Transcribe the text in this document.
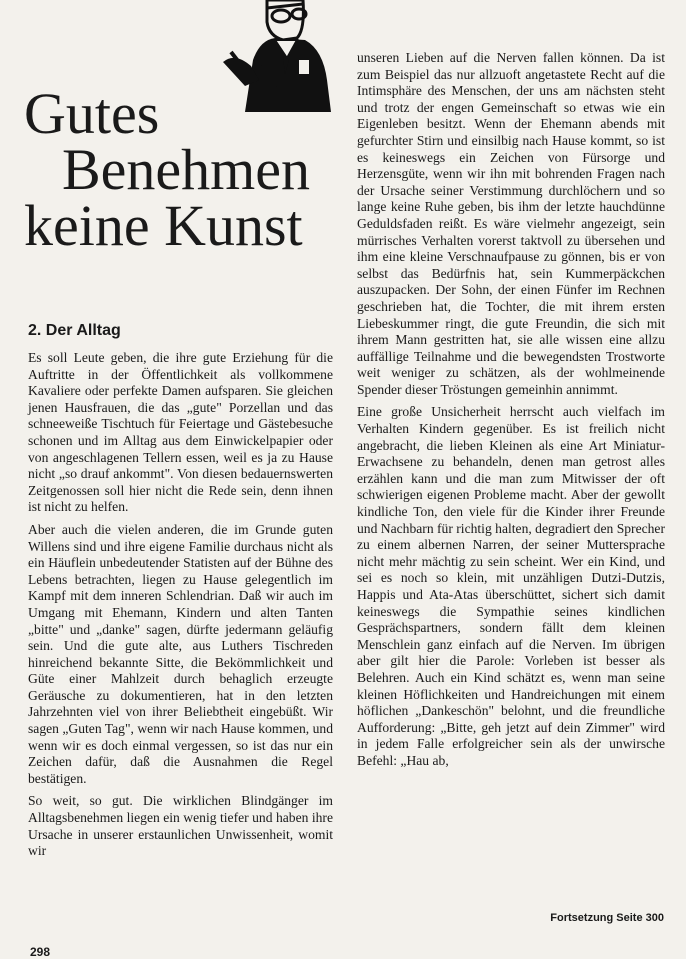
Gutes
Benehmen
keine Kunst
2. Der Alltag

Es soll Leute geben, die ihre gute Erziehung für die Auftritte in der Öffentlichkeit als vollkommene Kavaliere oder perfekte Damen aufsparen. Sie gleichen jenen Hausfrauen, die das „gute" Porzellan und das schneeweiße Tischtuch für Feiertage und Gästebesuche schonen und im Alltag aus dem Einwickelpapier oder von angeschlagenen Tellern essen, weil es ja zu Hause nicht „so drauf ankommt". Von diesen bedauernswerten Zeitgenossen soll hier nicht die Rede sein, denn ihnen ist nicht zu helfen.

Aber auch die vielen anderen, die im Grunde guten Willens sind und ihre eigene Familie durchaus nicht als ein Häuflein unbedeutender Statisten auf der Bühne des Lebens betrachten, liegen zu Hause gelegentlich im Kampf mit dem inneren Schlendrian. Daß wir auch im Umgang mit Ehemann, Kindern und alten Tanten „bitte" und „danke" sagen, dürfte jedermann geläufig sein. Und die gute alte, aus Luthers Tischreden hinreichend bekannte Sitte, die Bekömmlichkeit und Güte einer Mahlzeit durch behaglich erzeugte Geräusche zu dokumentieren, hat in den letzten Jahrzehnten viel von ihrer Beliebtheit eingebüßt. Wir sagen „Guten Tag", wenn wir nach Hause kommen, und wenn wir es doch einmal vergessen, so ist das nur ein Zeichen dafür, daß die Ausnahmen die Regel bestätigen.

So weit, so gut. Die wirklichen Blindgänger im Alltagsbenehmen liegen ein wenig tiefer und haben ihre Ursache in unserer erstaunlichen Unwissenheit, womit wir

unseren Lieben auf die Nerven fallen können. Da ist zum Beispiel das nur allzuoft angetastete Recht auf die Intimsphäre des Menschen, der uns am nächsten steht und trotz der engen Gemeinschaft so etwas wie ein Eigenleben besitzt. Wenn der Ehemann abends mit gefurchter Stirn und einsilbig nach Hause kommt, so ist es keineswegs ein Zeichen von Fürsorge und Herzensgüte, wenn wir ihn mit bohrenden Fragen nach der Ursache seiner Verstimmung durchlöchern und so lange keine Ruhe geben, bis ihm der letzte hauchdünne Geduldsfaden reißt. Es wäre vielmehr angezeigt, sein mürrisches Verhalten vorerst taktvoll zu übersehen und ihm eine kleine Verschnaufpause zu gönnen, bis er von selbst das Bedürfnis hat, sein Kummerpäckchen auszupacken. Der Sohn, der einen Fünfer im Rechnen geschrieben hat, die Tochter, die mit ihrem ersten Liebeskummer ringt, die gute Freundin, die sich mit ihrem Mann gestritten hat, sie alle wissen eine allzu auffällige Teilnahme und die bewegendsten Trostworte weit weniger zu schätzen, als der wohlmeinende Spender dieser Tröstungen gemeinhin annimmt.

Eine große Unsicherheit herrscht auch vielfach im Verhalten Kindern gegenüber. Es ist freilich nicht angebracht, die lieben Kleinen als eine Art Miniatur-Erwachsene zu behandeln, denen man getrost alles erzählen kann und die man zum Mitwisser der oft schwierigen eigenen Probleme macht. Aber der gewollt kindliche Ton, den viele für die Kinder ihrer Freunde und Nachbarn für richtig halten, degradiert den Sprecher zu einem albernen Narren, der seiner Muttersprache nicht mehr mächtig zu sein scheint. Wer ein Kind, und sei es noch so klein, mit unzähligen Dutzi-Dutzis, Happis und Ata-Atas überschüttet, sichert sich damit keineswegs die Sympathie seines kindlichen Gesprächspartners, sondern fällt dem kleinen Menschlein ganz einfach auf die Nerven. Im übrigen aber gilt hier die Parole: Vorleben ist besser als Belehren. Auch ein Kind schätzt es, wenn man seine kleinen Höflichkeiten und Handreichungen mit einem höflichen „Dankeschön" belohnt, und die freundliche Aufforderung: „Bitte, geh jetzt auf dein Zimmer" wird in jedem Falle erfolgreicher sein als der unwirsche Befehl: „Hau ab,

Fortsetzung Seite 300
298
